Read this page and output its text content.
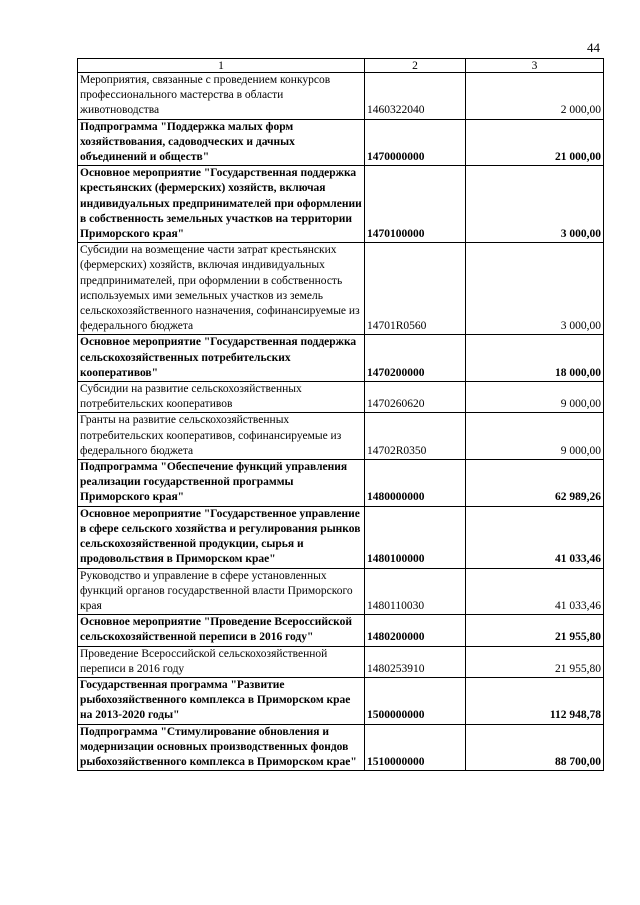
44
1	2	3
Мероприятия, связанные с проведением конкурсов профессионального мастерства в области животноводства	1460322040	2 000,00
Подпрограмма "Поддержка малых форм хозяйствования, садоводческих и дачных объединений и обществ"	1470000000	21 000,00
Основное мероприятие "Государственная поддержка крестьянских (фермерских) хозяйств, включая индивидуальных предпринимателей при оформлении в собственность земельных участков на территории Приморского края"	1470100000	3 000,00
Субсидии на возмещение части затрат крестьянских (фермерских) хозяйств, включая индивидуальных предпринимателей, при оформлении в собственность используемых ими земельных участков из земель сельскохозяйственного назначения, софинансируемые из федерального бюджета	14701R0560	3 000,00
Основное мероприятие "Государственная поддержка сельскохозяйственных потребительских кооперативов"	1470200000	18 000,00
Субсидии на развитие сельскохозяйственных потребительских кооперативов	1470260620	9 000,00
Гранты на развитие сельскохозяйственных потребительских кооперативов, софинансируемые из федерального бюджета	14702R0350	9 000,00
Подпрограмма "Обеспечение функций управления реализации государственной программы Приморского края"	1480000000	62 989,26
Основное мероприятие "Государственное управление в сфере сельского хозяйства и регулирования рынков сельскохозяйственной продукции, сырья и продовольствия в Приморском крае"	1480100000	41 033,46
Руководство и управление в сфере установленных функций органов государственной власти Приморского края	1480110030	41 033,46
Основное мероприятие "Проведение Всероссийской сельскохозяйственной переписи в 2016 году"	1480200000	21 955,80
Проведение Всероссийской сельскохозяйственной переписи в 2016 году	1480253910	21 955,80
Государственная программа "Развитие рыбохозяйственного комплекса в Приморском крае на 2013-2020 годы"	1500000000	112 948,78
Подпрограмма "Стимулирование обновления и модернизации основных производственных фондов рыбохозяйственного комплекса в Приморском крае"	1510000000	88 700,00
